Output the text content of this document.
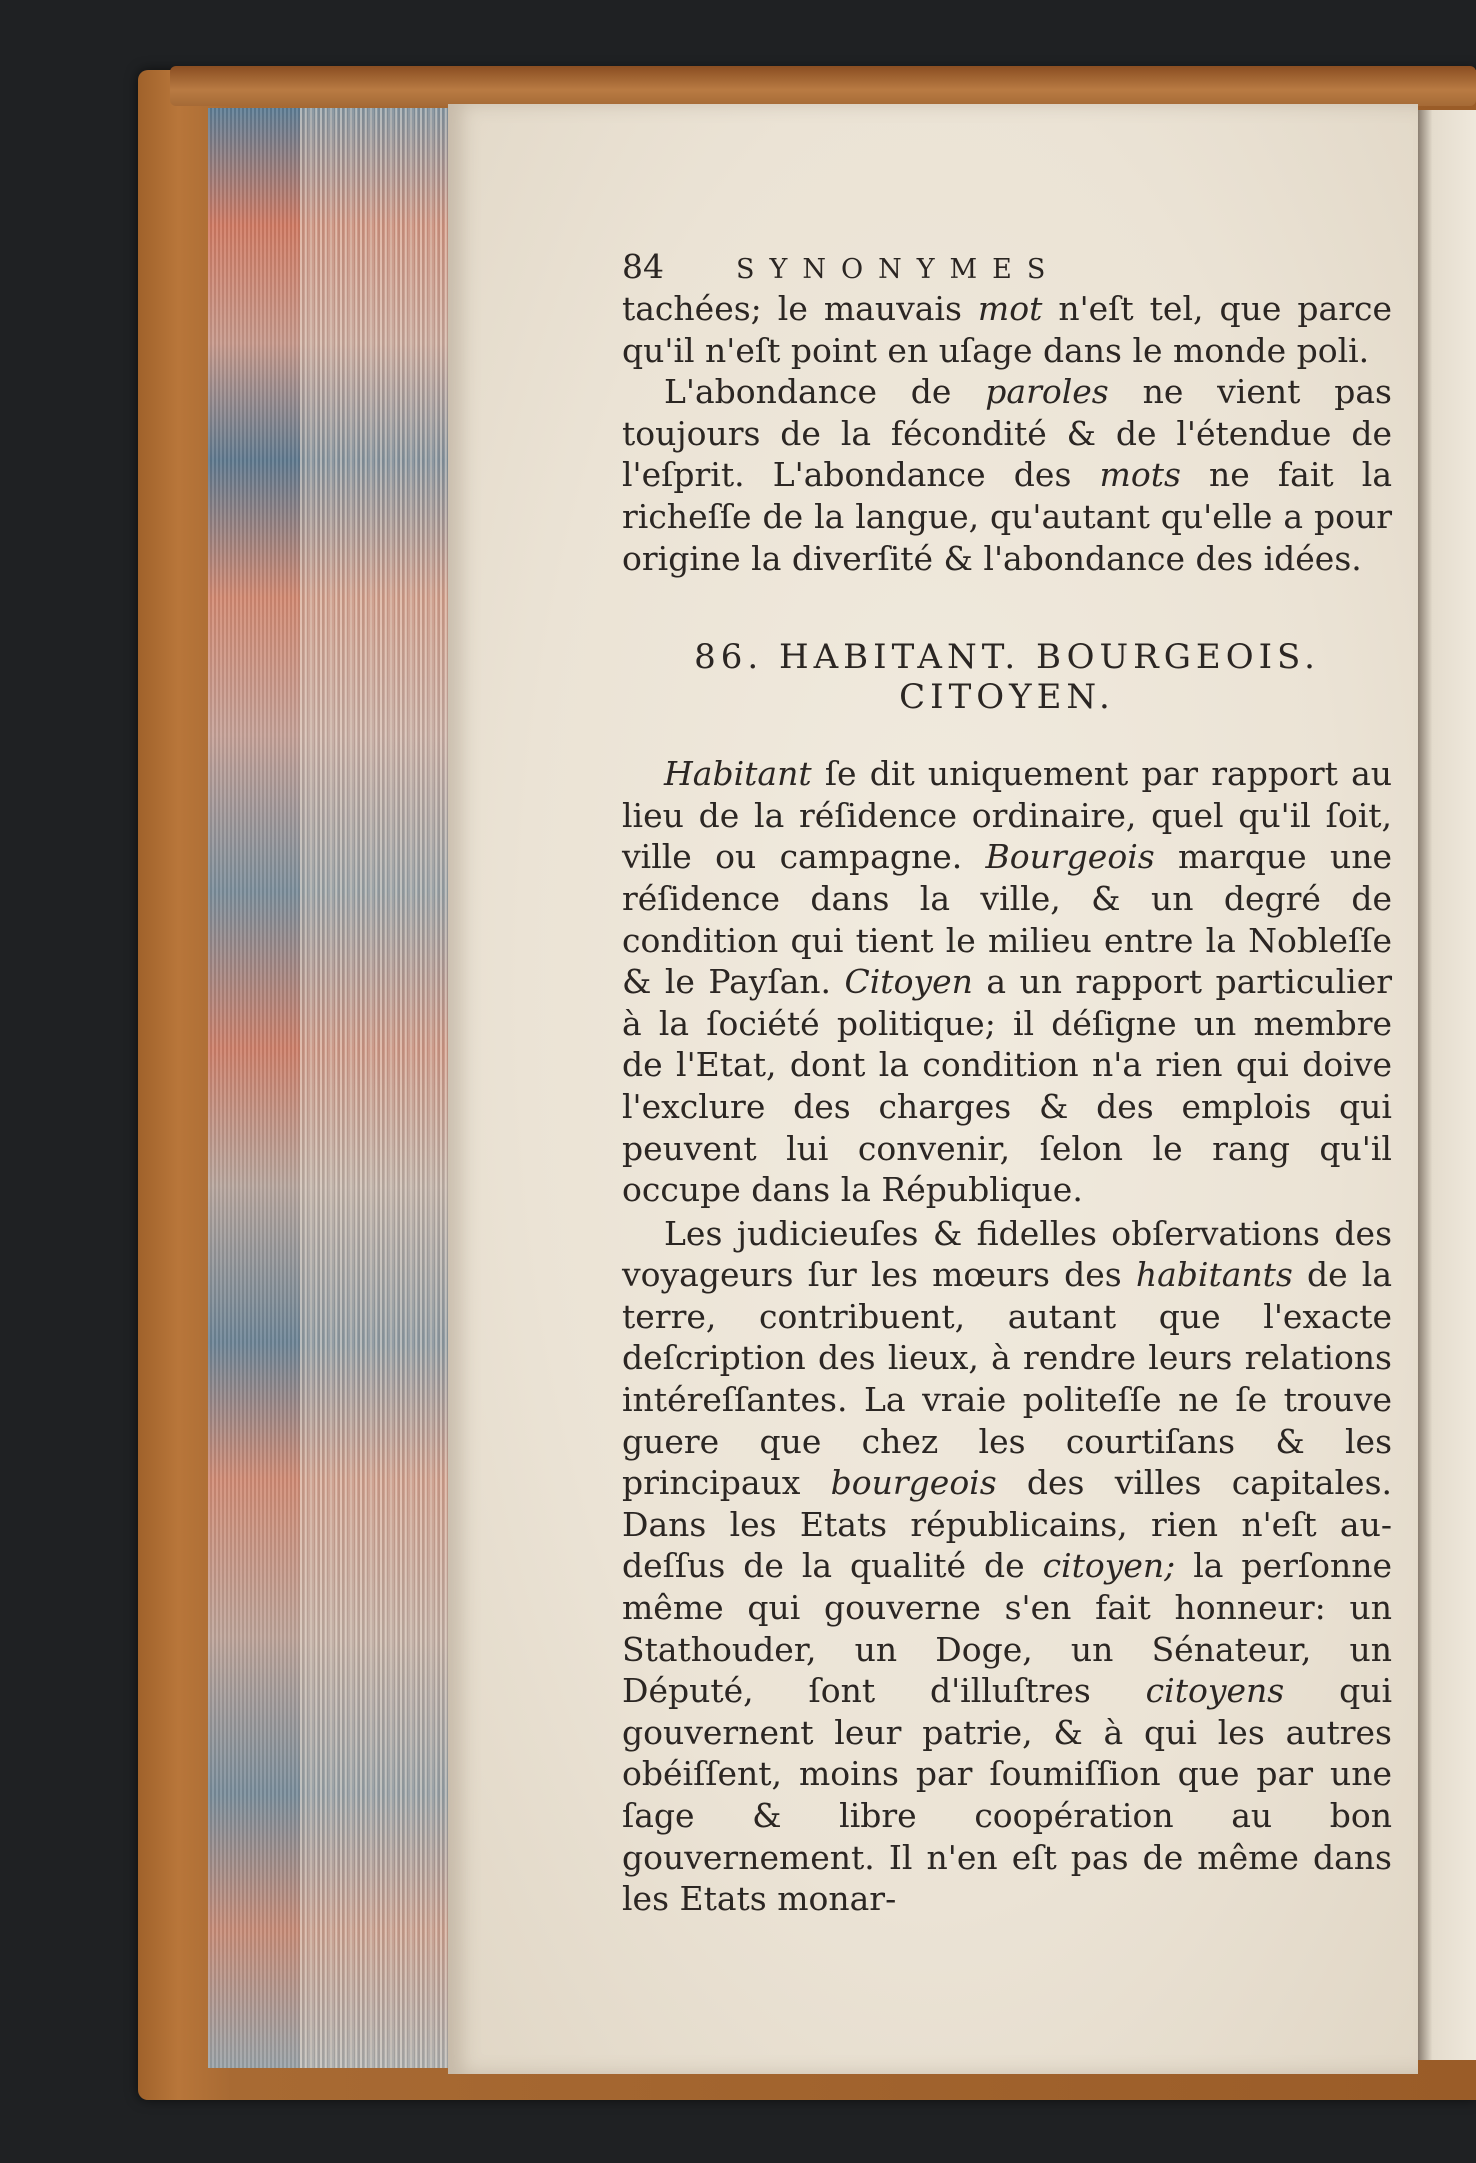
84	SYNONYMES

tachées; le mauvais mot n'eſt tel, que parce qu'il n'eſt point en uſage dans le monde poli.

L'abondance de paroles ne vient pas toujours de la fécondité & de l'étendue de l'eſprit. L'abondance des mots ne fait la richeſſe de la langue, qu'autant qu'elle a pour origine la diverſité & l'abondance des idées.

86. HABITANT. BOURGEOIS.
CITOYEN.

Habitant ſe dit uniquement par rapport au lieu de la réſidence ordinaire, quel qu'il ſoit, ville ou campagne. Bourgeois marque une réſidence dans la ville, & un degré de condition qui tient le milieu entre la Nobleſſe & le Payſan. Citoyen a un rapport particulier à la ſociété politique; il déſigne un membre de l'Etat, dont la condition n'a rien qui doive l'exclure des charges & des emplois qui peuvent lui convenir, ſelon le rang qu'il occupe dans la République.

Les judicieuſes & fidelles obſervations des voyageurs ſur les mœurs des habitants de la terre, contribuent, autant que l'exacte deſcription des lieux, à rendre leurs relations intéreſſantes. La vraie politeſſe ne ſe trouve guere que chez les courtiſans & les principaux bourgeois des villes capitales. Dans les Etats républicains, rien n'eſt au-deſſus de la qualité de citoyen; la perſonne même qui gouverne s'en fait honneur: un Stathouder, un Doge, un Sénateur, un Député, ſont d'illuſtres citoyens qui gouvernent leur patrie, & à qui les autres obéiſſent, moins par ſoumiſſion que par une ſage & libre coopération au bon gouvernement. Il n'en eſt pas de même dans les Etats monar-
